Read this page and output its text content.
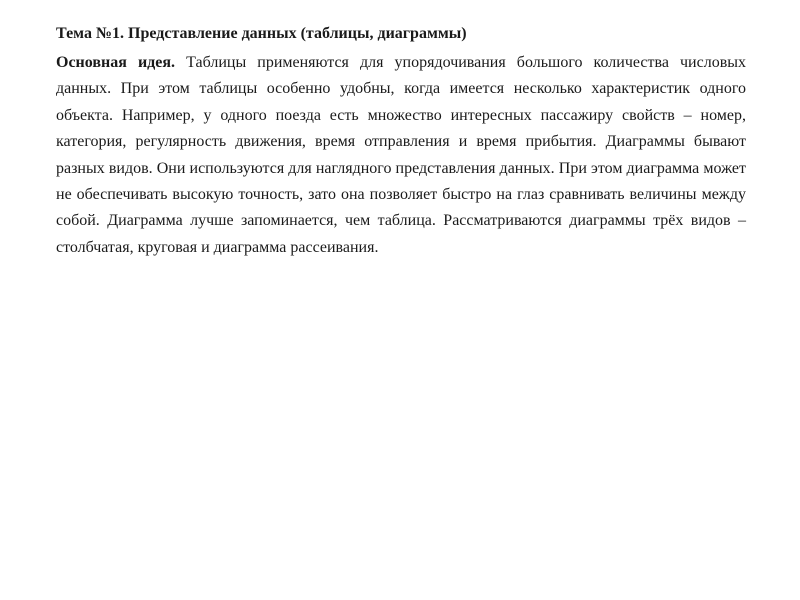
Тема №1. Представление данных (таблицы, диаграммы)

Основная идея. Таблицы применяются для упорядочивания большого количества числовых данных. При этом таблицы особенно удобны, когда имеется несколько характеристик одного объекта. Например, у одного поезда есть множество интересных пассажиру свойств – номер, категория, регулярность движения, время отправления и время прибытия. Диаграммы бывают разных видов. Они используются для наглядного представления данных. При этом диаграмма может не обеспечивать высокую точность, зато она позволяет быстро на глаз сравнивать величины между собой. Диаграмма лучше запоминается, чем таблица. Рассматриваются диаграммы трёх видов – столбчатая, круговая и диаграмма рассеивания.
